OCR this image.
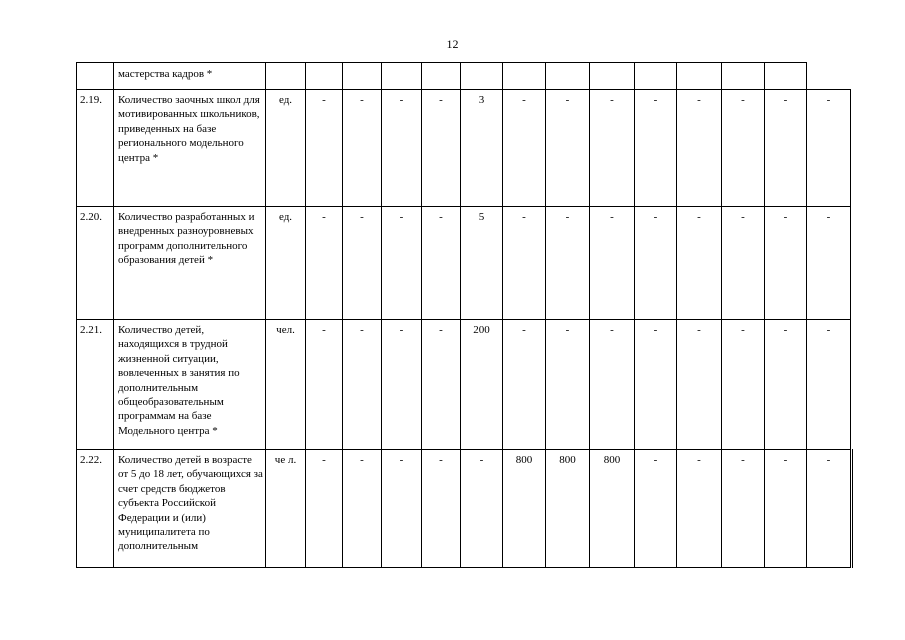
12
	мастерства кадров *														
2.19.	Количество заочных школ для мотивированных школьников, приведенных на базе регионального модельного центра *	ед.	-	-	-	-	3	-	-	-	-	-	-	-	-
2.20.	Количество разработанных и внедренных разноуровневых программ дополнительного образования детей *	ед.	-	-	-	-	5	-	-	-	-	-	-	-	-
2.21.	Количество детей, находящихся в трудной жизненной ситуации, вовлеченных в занятия по дополнительным общеобразовательным программам на базе Модельного центра *	чел.	-	-	-	-	200	-	-	-	-	-	-	-	-
2.22.	Количество детей в возрасте от 5 до 18 лет, обучающихся за счет средств бюджетов субъекта Российской Федерации и (или) муниципалитета по дополнительным	че л.	-	-	-	-	-	800	800	800	-	-	-	-	-
